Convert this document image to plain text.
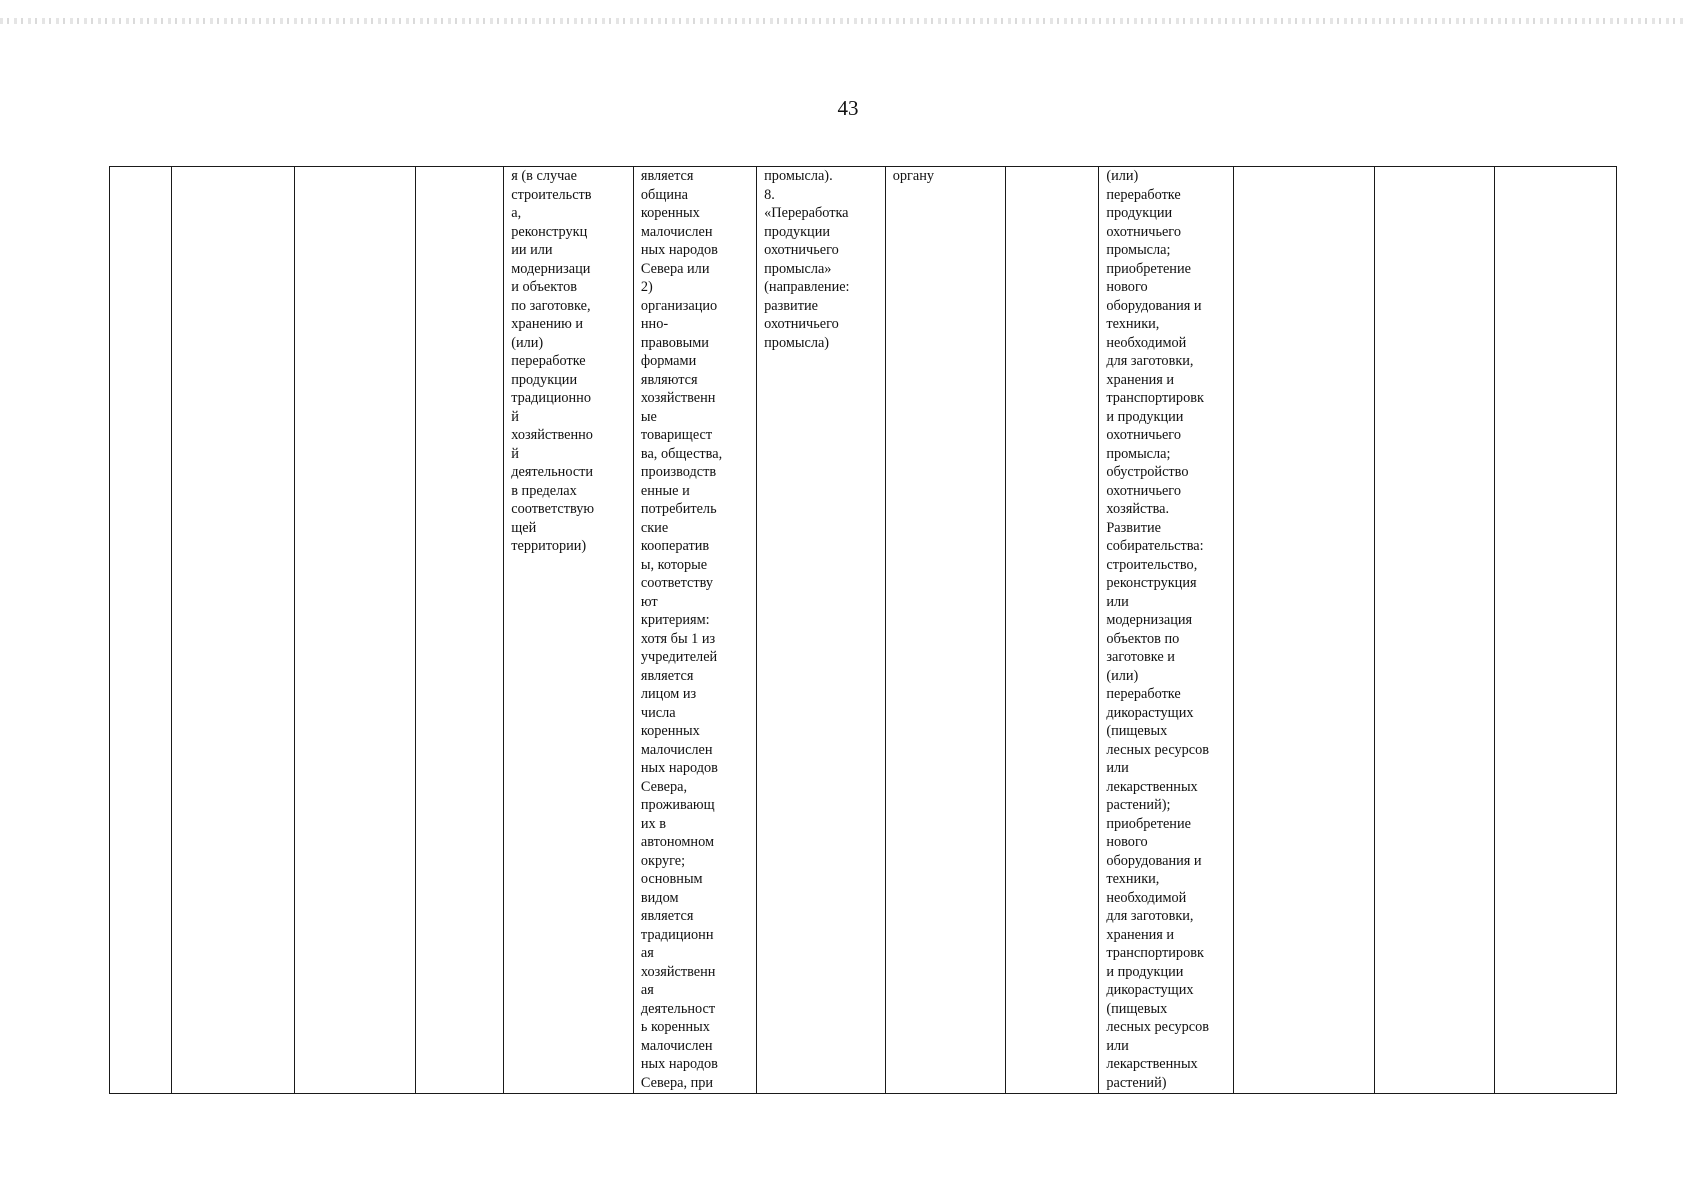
43

я (в случае
строительств
а,
реконструкц
ии или
модернизаци
и объектов
по заготовке,
хранению и
(или)
переработке
продукции
традиционно
й
хозяйственно
й
деятельности
в пределах
соответствую
щей
территории)

является
община
коренных
малочислен
ных народов
Севера или
2)
организацио
нно-
правовыми
формами
являются
хозяйственн
ые
товарищест
ва, общества,
производств
енные и
потребитель
ские
кооператив
ы, которые
соответству
ют
критериям:
хотя бы 1 из
учредителей
является
лицом из
числа
коренных
малочислен
ных народов
Севера,
проживающ
их в
автономном
округе;
основным
видом
является
традиционн
ая
хозяйственн
ая
деятельност
ь коренных
малочислен
ных народов
Севера, при

промысла).
8.
«Переработка
продукции
охотничьего
промысла»
(направление:
развитие
охотничьего
промысла)

органу		(или)
переработке
продукции
охотничьего
промысла;
приобретение
нового
оборудования и
техники,
необходимой
для заготовки,
хранения и
транспортировк
и продукции
охотничьего
промысла;
обустройство
охотничьего
хозяйства.
Развитие
собирательства:
строительство,
реконструкция
или
модернизация
объектов по
заготовке и
(или)
переработке
дикорастущих
(пищевых
лесных ресурсов
или
лекарственных
растений);
приобретение
нового
оборудования и
техники,
необходимой
для заготовки,
хранения и
транспортировк
и продукции
дикорастущих
(пищевых
лесных ресурсов
или
лекарственных
растений)
